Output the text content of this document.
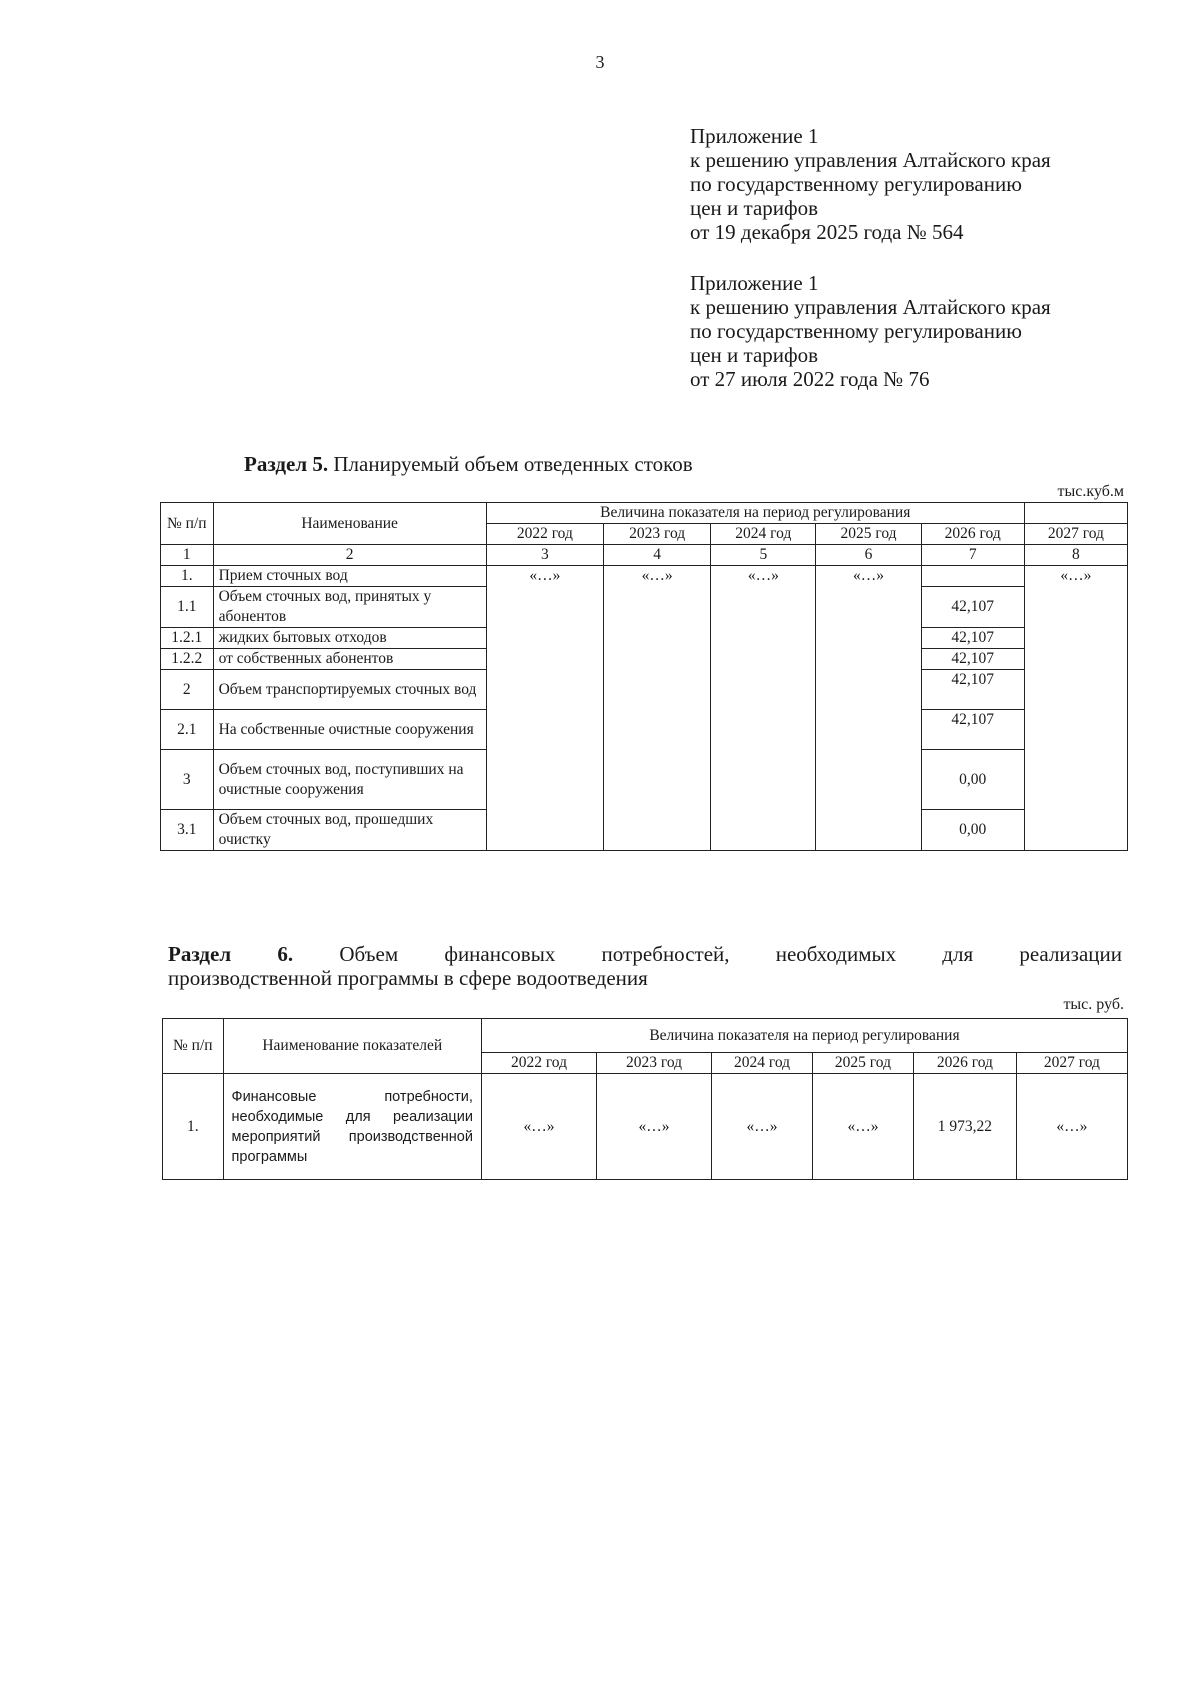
3
Приложение 1
к решению управления Алтайского края
по государственному регулированию
цен и тарифов
от 19 декабря 2025 года № 564
Приложение 1
к решению управления Алтайского края
по государственному регулированию
цен и тарифов
от 27 июля 2022 года № 76
Раздел 5. Планируемый объем отведенных стоков
тыс.куб.м
№ п/п	Наименование	Величина показателя на период регулирования					
		2022 год	2023 год	2024 год	2025 год	2026 год	2027 год
1	2	3	4	5	6	7	8
1.	Прием сточных вод	«…»	«…»	«…»	«…»		«…»
1.1	Объем сточных вод, принятых у абонентов					42,107	
1.2.1	жидких бытовых отходов					42,107	
1.2.2	от собственных абонентов					42,107	
2	Объем транспортируемых сточных вод					42,107	
2.1	На собственные очистные сооружения					42,107	
3	Объем сточных вод, поступивших на очистные сооружения					0,00	
3.1	Объем сточных вод, прошедших очистку					0,00	
Раздел 6. Объем финансовых потребностей, необходимых для реализации
производственной программы в сфере водоотведения
тыс. руб.
№ п/п	Наименование показателей	Величина показателя на период регулирования					
		2022 год	2023 год	2024 год	2025 год	2026 год	2027 год
1.	Финансовые потребности, необходимые для реализации мероприятий производственной программы	«…»	«…»	«…»	«…»	1 973,22	«…»
